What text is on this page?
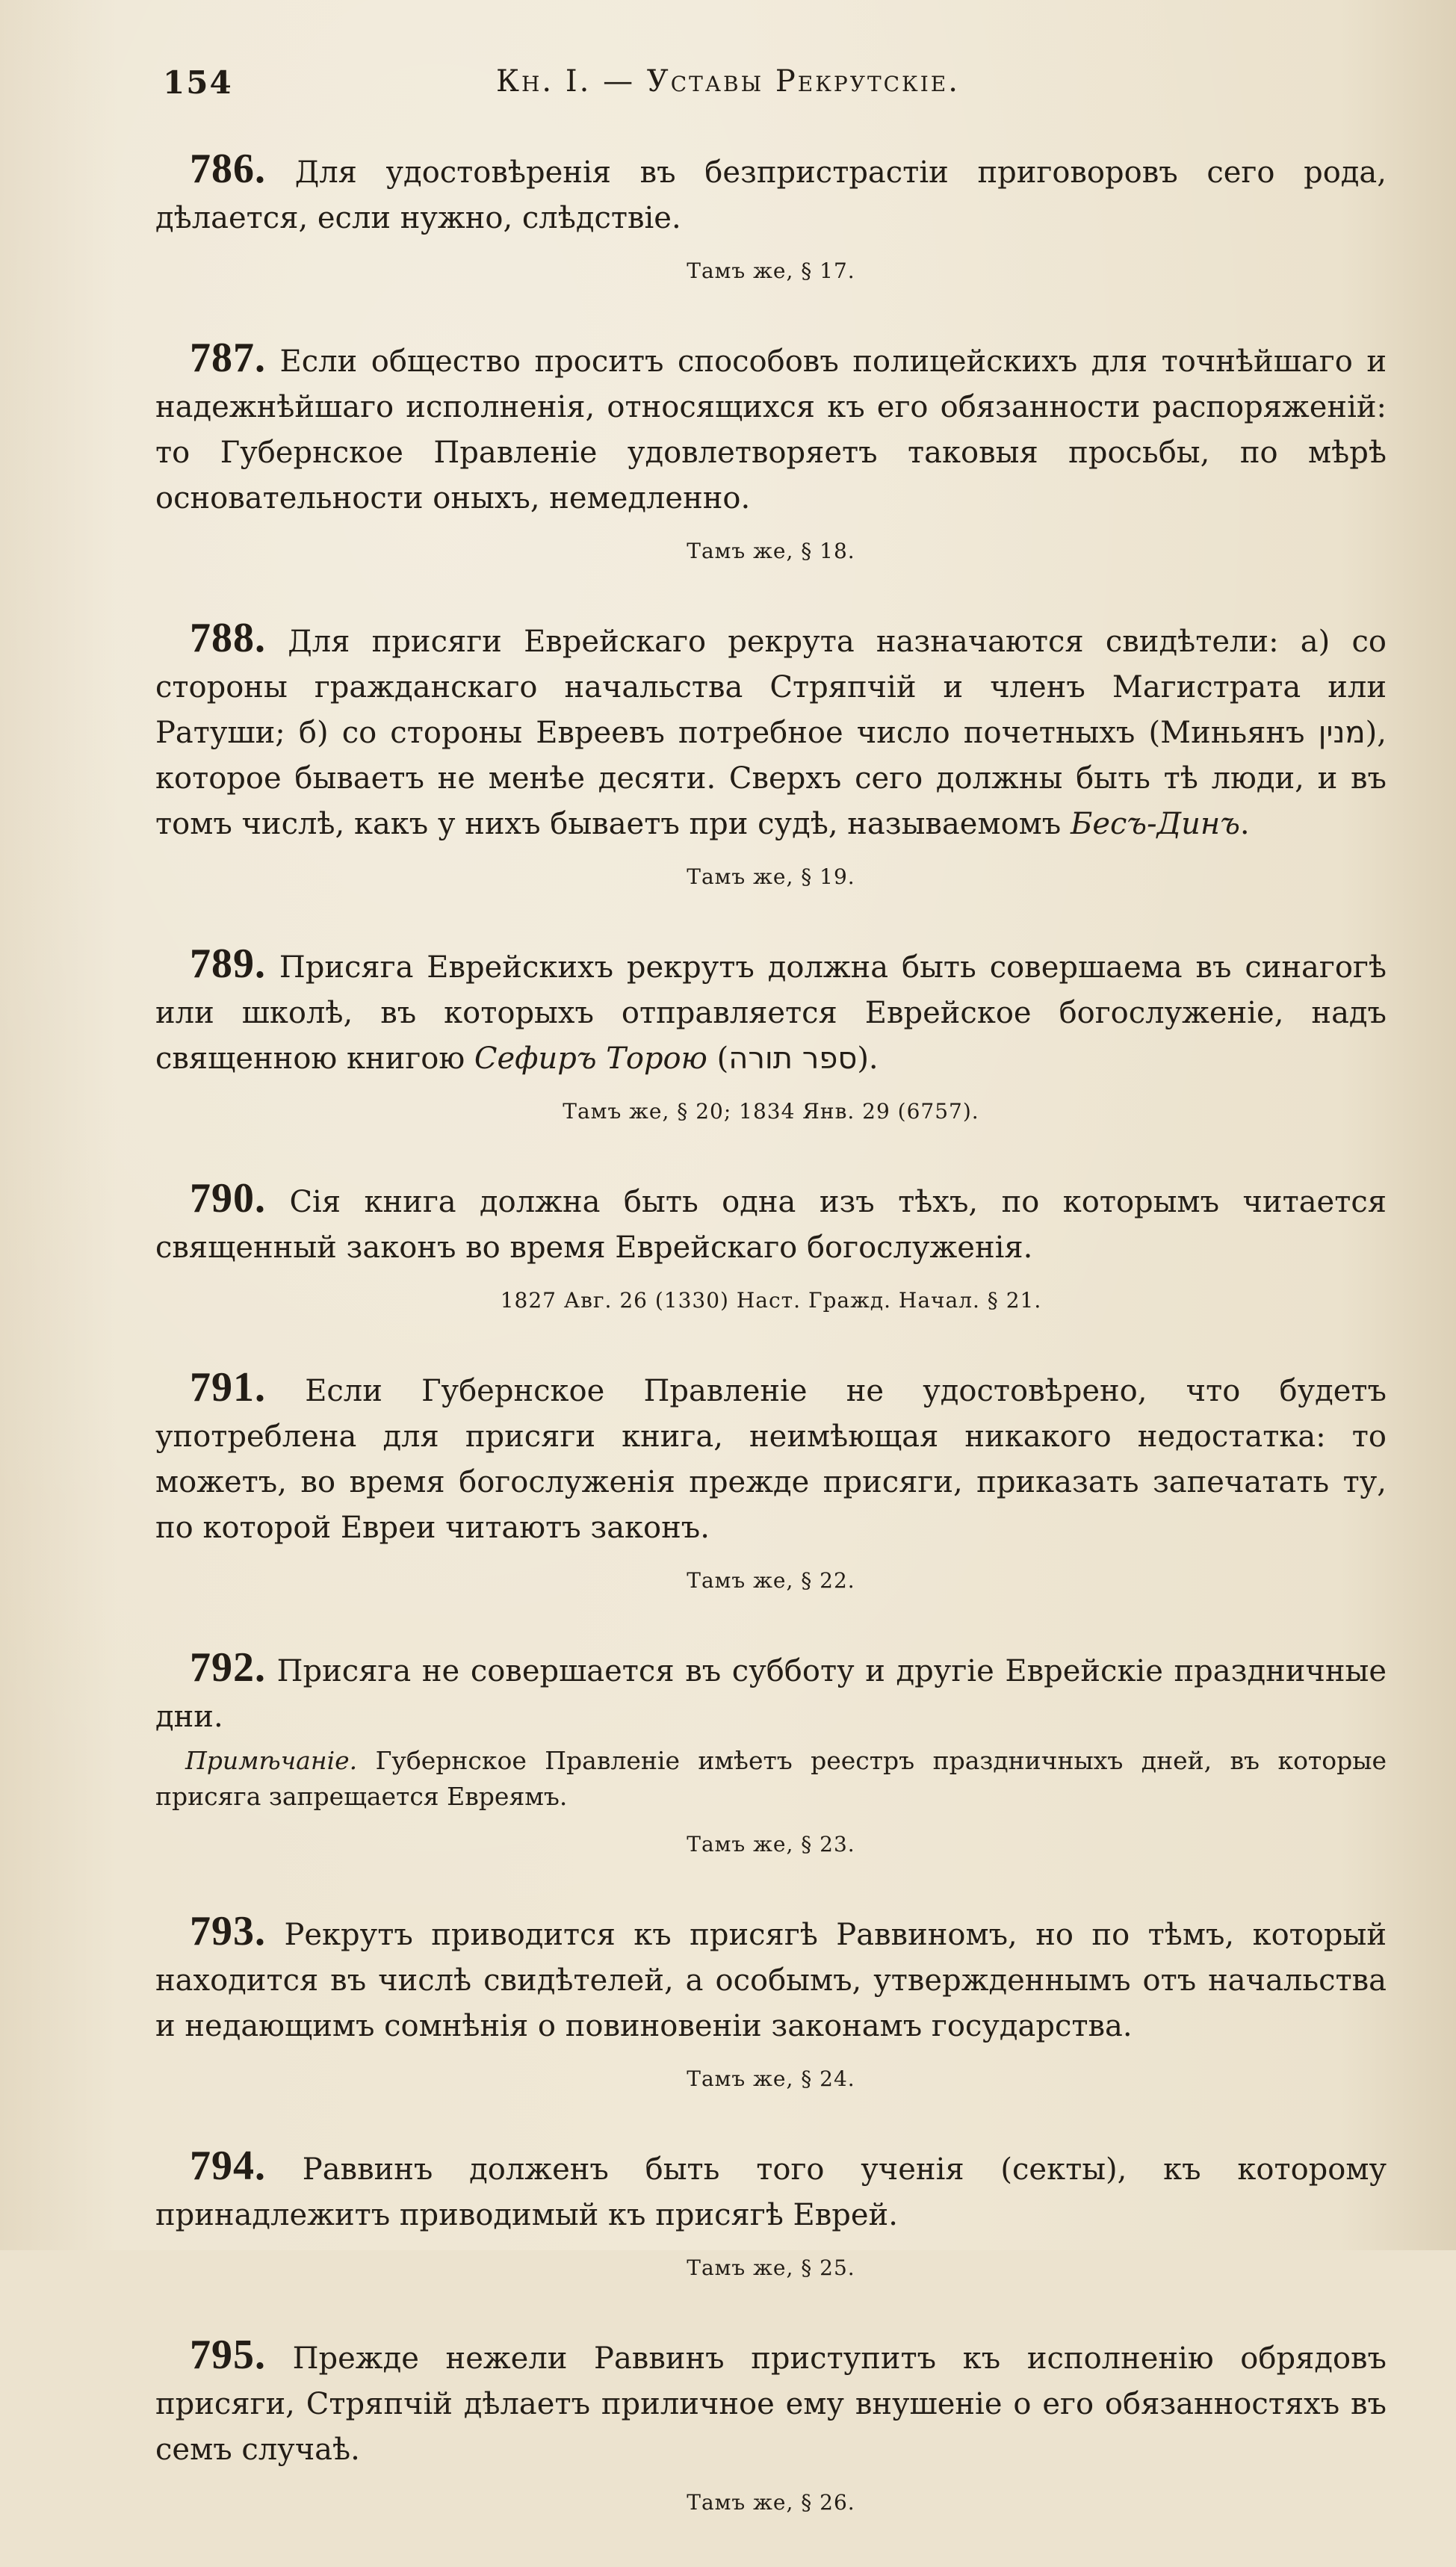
154	Кн. I. — Уставы Рекрутскіе.

786. Для удостовѣренія въ безпристрастіи приговоровъ сего рода, дѣлается, если нужно, слѣдствіе.

Тамъ же, § 17.

787. Если общество проситъ способовъ полицейскихъ для точнѣйшаго и надежнѣйшаго исполненія, относящихся къ его обязанности распоряженій: то Губернское Правленіе удовлетворяетъ таковыя просьбы, по мѣрѣ основательности оныхъ, немедленно.

Тамъ же, § 18.

788. Для присяги Еврейскаго рекрута назначаются свидѣтели: а) со стороны гражданскаго начальства Стряпчій и членъ Магистрата или Ратуши; б) со стороны Евреевъ потребное число почетныхъ (Миньянъ מנין), которое бываетъ не менѣе десяти. Сверхъ сего должны быть тѣ люди, и въ томъ числѣ, какъ у нихъ бываетъ при судѣ, называемомъ Бесъ-Динъ.

Тамъ же, § 19.

789. Присяга Еврейскихъ рекрутъ должна быть совершаема въ синагогѣ или школѣ, въ которыхъ отправляется Еврейское богослуженіе, надъ священною книгою Сефиръ Торою (ספר תורה).

Тамъ же, § 20; 1834 Янв. 29 (6757).

790. Сія книга должна быть одна изъ тѣхъ, по которымъ читается священный законъ во время Еврейскаго богослуженія.

1827 Авг. 26 (1330) Наст. Гражд. Начал. § 21.

791. Если Губернское Правленіе не удостовѣрено, что будетъ употреблена для присяги книга, неимѣющая никакого недостатка: то можетъ, во время богослуженія прежде присяги, приказать запечатать ту, по которой Евреи читаютъ законъ.

Тамъ же, § 22.

792. Присяга не совершается въ субботу и другіе Еврейскіе праздничные дни.

Примѣчаніе. Губернское Правленіе имѣетъ реестръ праздничныхъ дней, въ которые присяга запрещается Евреямъ.

Тамъ же, § 23.

793. Рекрутъ приводится къ присягѣ Раввиномъ, но по тѣмъ, который находится въ числѣ свидѣтелей, а особымъ, утвержденнымъ отъ начальства и недающимъ сомнѣнія о повиновеніи законамъ государства.

Тамъ же, § 24.

794. Раввинъ долженъ быть того ученія (секты), къ которому принадлежитъ приводимый къ присягѣ Еврей.

Тамъ же, § 25.

795. Прежде нежели Раввинъ приступитъ къ исполненію обрядовъ присяги, Стряпчій дѣлаетъ приличное ему внушеніе о его обязанностяхъ въ семъ случаѣ.

Тамъ же, § 26.
